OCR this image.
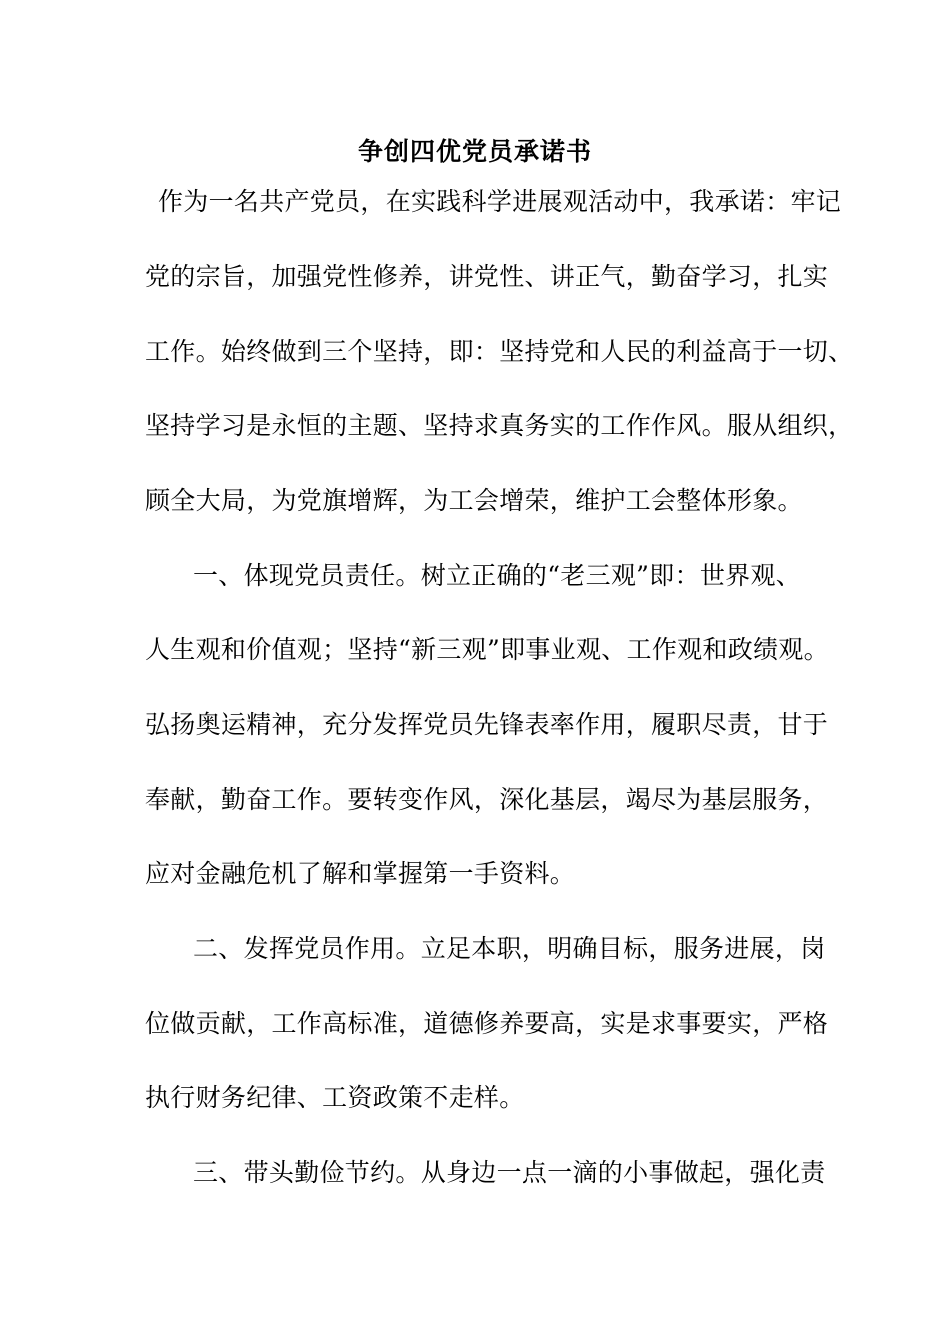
争创四优党员承诺书
作为一名共产党员，在实践科学进展观活动中，我承诺：牢记
党的宗旨，加强党性修养，讲党性、讲正气，勤奋学习，扎实
工作。始终做到三个坚持，即：坚持党和人民的利益高于一切、
坚持学习是永恒的主题、坚持求真务实的工作作风。服从组织，
顾全大局，为党旗增辉，为工会增荣，维护工会整体形象。
一、体现党员责任。树立正确的“老三观”即：世界观、
人生观和价值观；坚持“新三观”即事业观、工作观和政绩观。
弘扬奥运精神，充分发挥党员先锋表率作用，履职尽责，甘于
奉献，勤奋工作。要转变作风，深化基层，竭尽为基层服务，
应对金融危机了解和掌握第一手资料。
二、发挥党员作用。立足本职，明确目标，服务进展，岗
位做贡献，工作高标准，道德修养要高，实是求事要实，严格
执行财务纪律、工资政策不走样。
三、带头勤俭节约。从身边一点一滴的小事做起，强化责
